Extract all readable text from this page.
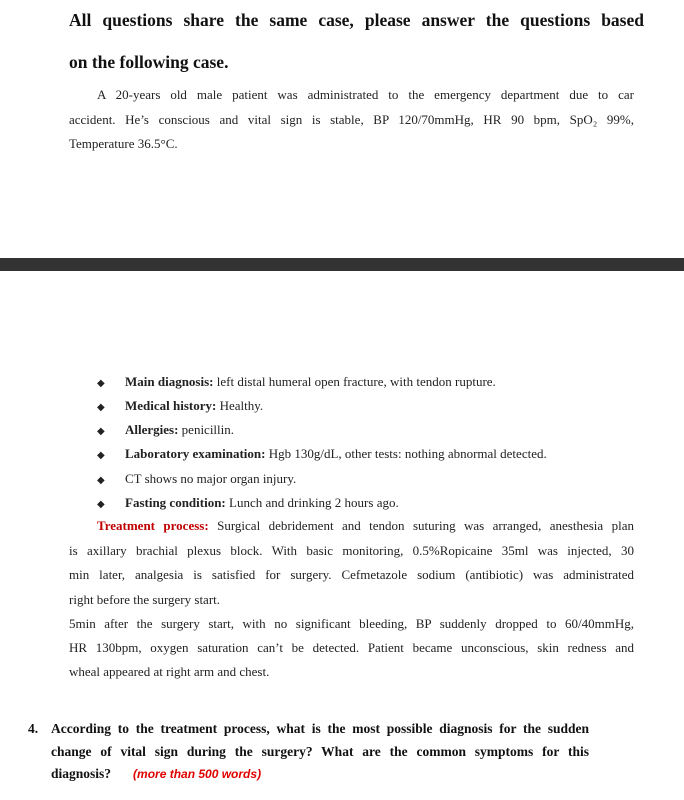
All questions share the same case, please answer the questions based
on the following case.
A 20-years old male patient was administrated to the emergency department due to car
accident. He’s conscious and vital sign is stable, BP 120/70mmHg, HR 90 bpm, SpO₂ 99%,
Temperature 36.5°C.
◆ Main diagnosis: left distal humeral open fracture, with tendon rupture.
◆ Medical history: Healthy.
◆ Allergies: penicillin.
◆ Laboratory examination: Hgb 130g/dL, other tests: nothing abnormal detected.
◆ CT shows no major organ injury.
◆ Fasting condition: Lunch and drinking 2 hours ago.
Treatment process: Surgical debridement and tendon suturing was arranged, anesthesia plan
is axillary brachial plexus block. With basic monitoring, 0.5%Ropicaine 35ml was injected, 30
min later, analgesia is satisfied for surgery. Cefmetazole sodium (antibiotic) was administrated
right before the surgery start.
5min after the surgery start, with no significant bleeding, BP suddenly dropped to 60/40mmHg,
HR 130bpm, oxygen saturation can’t be detected. Patient became unconscious, skin redness and
wheal appeared at right arm and chest.
4. According to the treatment process, what is the most possible diagnosis for the sudden
change of vital sign during the surgery? What are the common symptoms for this
diagnosis? (more than 500 words)
